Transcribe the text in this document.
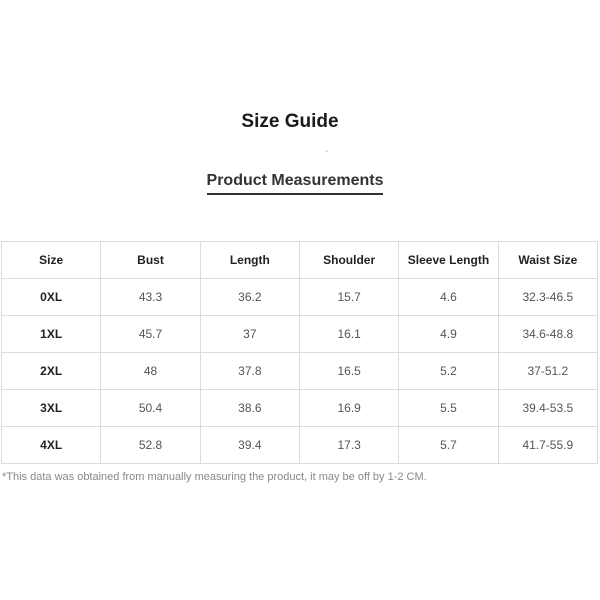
Size Guide
-
Product Measurements
Size	Bust	Length	Shoulder	Sleeve Length	Waist Size
0XL	43.3	36.2	15.7	4.6	32.3-46.5
1XL	45.7	37	16.1	4.9	34.6-48.8
2XL	48	37.8	16.5	5.2	37-51.2
3XL	50.4	38.6	16.9	5.5	39.4-53.5
4XL	52.8	39.4	17.3	5.7	41.7-55.9
*This data was obtained from manually measuring the product, it may be off by 1-2 CM.
